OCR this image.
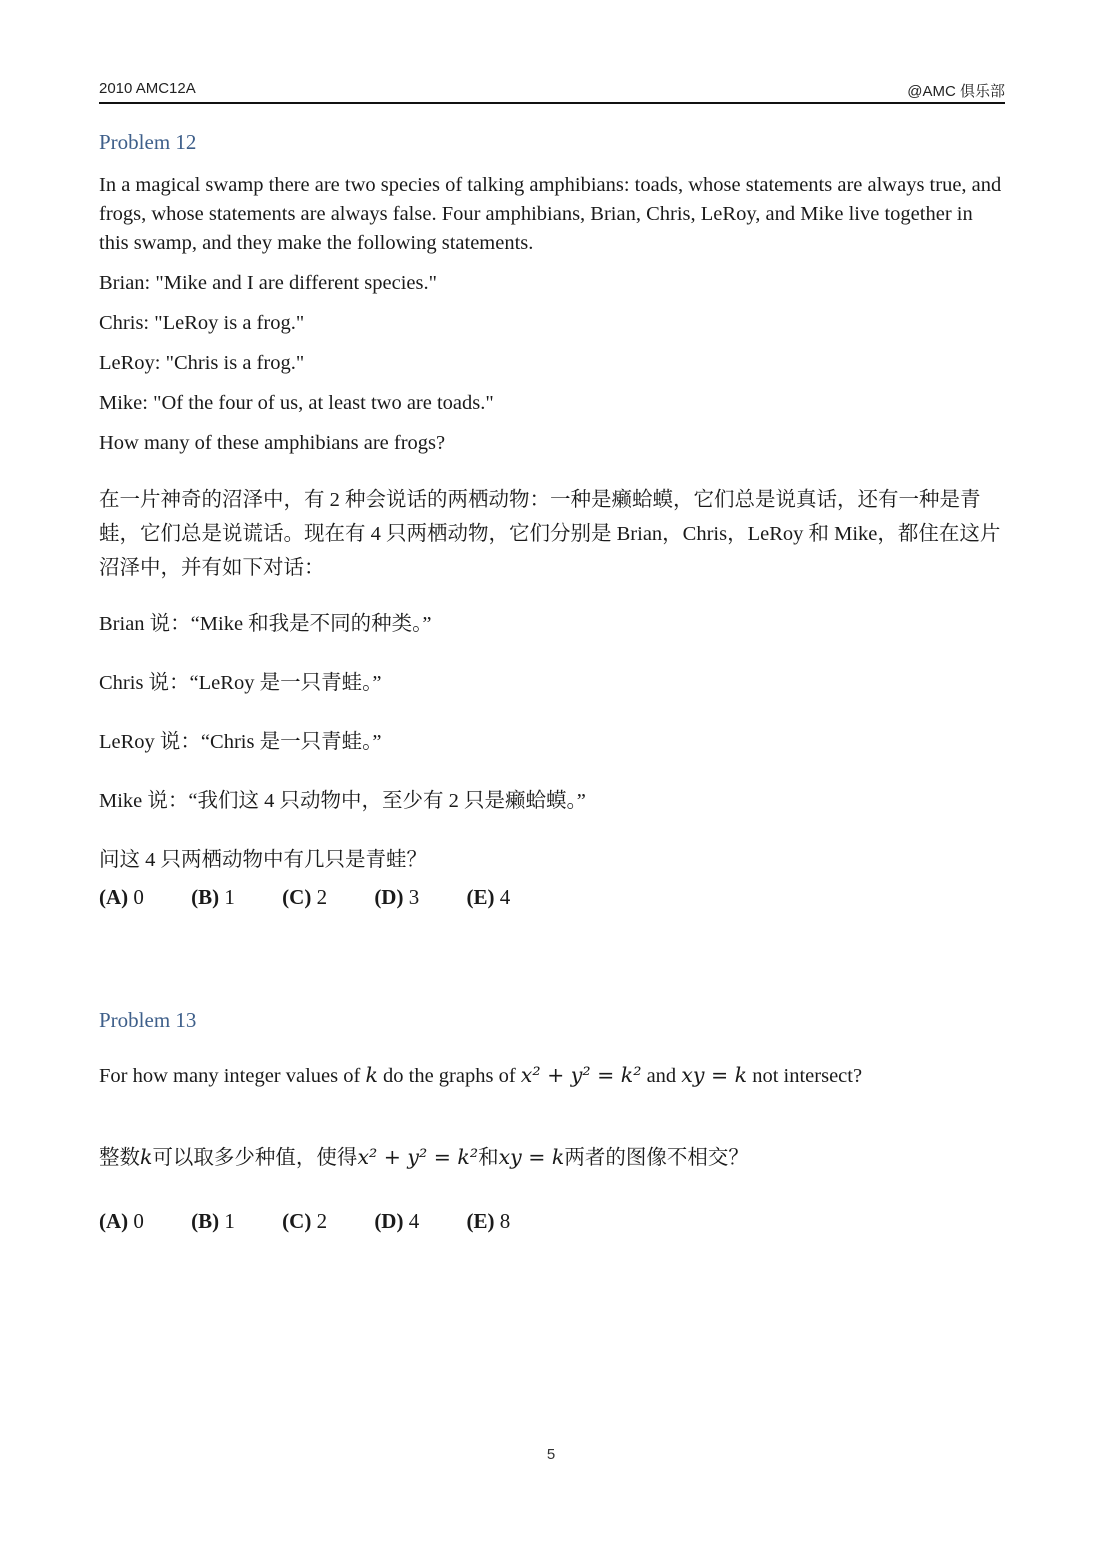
2010 AMC12A	@AMC 俱乐部
Problem 12
In a magical swamp there are two species of talking amphibians: toads, whose statements are always true, and frogs, whose statements are always false. Four amphibians, Brian, Chris, LeRoy, and Mike live together in this swamp, and they make the following statements.
Brian: "Mike and I are different species."
Chris: "LeRoy is a frog."
LeRoy: "Chris is a frog."
Mike: "Of the four of us, at least two are toads."
How many of these amphibians are frogs?
在一片神奇的沼泽中，有 2 种会说话的两栖动物：一种是癞蛤蟆，它们总是说真话，还有一种是青蛙，它们总是说谎话。现在有 4 只两栖动物，它们分别是 Brian，Chris，LeRoy 和 Mike，都住在这片沼泽中，并有如下对话：
Brian 说：“Mike 和我是不同的种类。”
Chris 说：“LeRoy 是一只青蛙。”
LeRoy 说：“Chris 是一只青蛙。”
Mike 说：“我们这 4 只动物中，至少有 2 只是癞蛤蟆。”
问这 4 只两栖动物中有几只是青蛙？
(A) 0 (B) 1 (C) 2 (D) 3 (E) 4
Problem 13
For how many integer values of k do the graphs of x² + y² = k² and xy = k not intersect?
整数k可以取多少种值，使得x² + y² = k²和xy = k两者的图像不相交？
(A) 0 (B) 1 (C) 2 (D) 4 (E) 8
5
